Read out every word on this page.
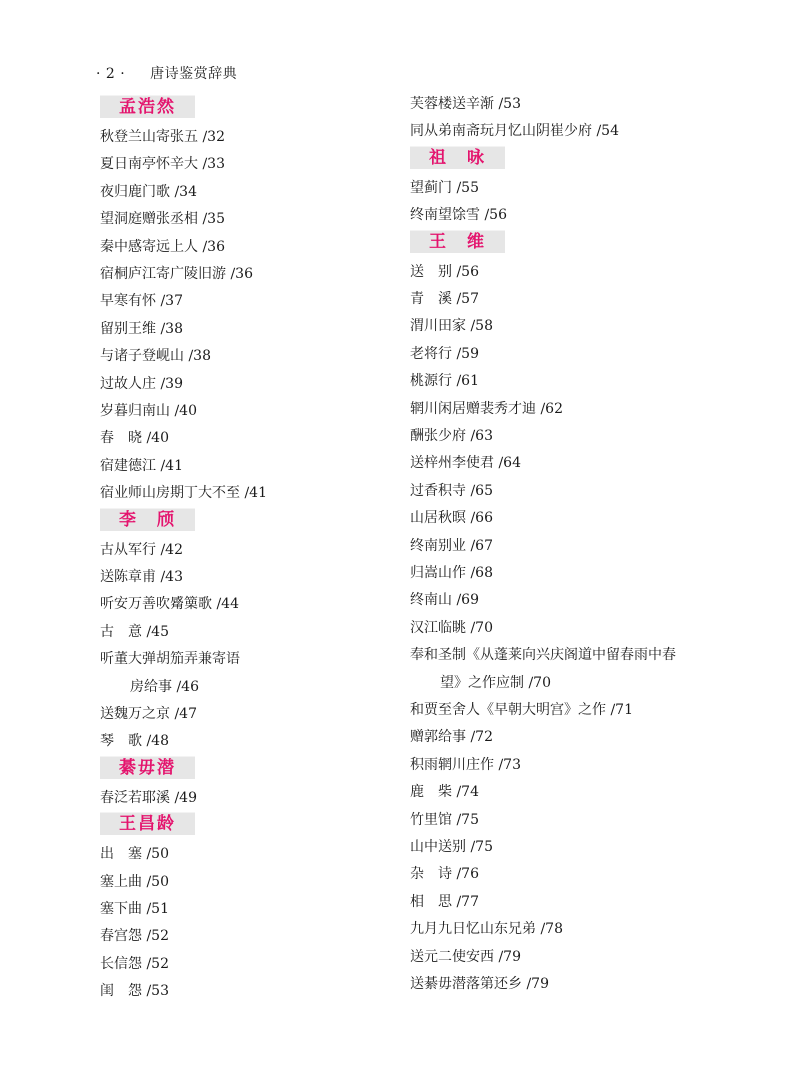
· 2 · 唐诗鉴赏辞典
孟浩然
秋登兰山寄张五 ∕32
夏日南亭怀辛大 ∕33
夜归鹿门歌 ∕34
望洞庭赠张丞相 ∕35
秦中感寄远上人 ∕36
宿桐庐江寄广陵旧游 ∕36
早寒有怀 ∕37
留别王维 ∕38
与诸子登岘山 ∕38
过故人庄 ∕39
岁暮归南山 ∕40
春　晓 ∕40
宿建德江 ∕41
宿业师山房期丁大不至 ∕41
李　颀
古从军行 ∕42
送陈章甫 ∕43
听安万善吹觱篥歌 ∕44
古　意 ∕45
听董大弹胡笳弄兼寄语
房给事 ∕46
送魏万之京 ∕47
琴　歌 ∕48
綦毋潜
春泛若耶溪 ∕49
王昌龄
出　塞 ∕50
塞上曲 ∕50
塞下曲 ∕51
春宫怨 ∕52
长信怨 ∕52
闺　怨 ∕53
芙蓉楼送辛渐 ∕53
同从弟南斋玩月忆山阴崔少府 ∕54
祖　咏
望蓟门 ∕55
终南望馀雪 ∕56
王　维
送　别 ∕56
青　溪 ∕57
渭川田家 ∕58
老将行 ∕59
桃源行 ∕61
辋川闲居赠裴秀才迪 ∕62
酬张少府 ∕63
送梓州李使君 ∕64
过香积寺 ∕65
山居秋暝 ∕66
终南别业 ∕67
归嵩山作 ∕68
终南山 ∕69
汉江临眺 ∕70
奉和圣制《从蓬莱向兴庆阁道中留春雨中春
望》之作应制 ∕70
和贾至舍人《早朝大明宫》之作 ∕71
赠郭给事 ∕72
积雨辋川庄作 ∕73
鹿　柴 ∕74
竹里馆 ∕75
山中送别 ∕75
杂　诗 ∕76
相　思 ∕77
九月九日忆山东兄弟 ∕78
送元二使安西 ∕79
送綦毋潜落第还乡 ∕79
